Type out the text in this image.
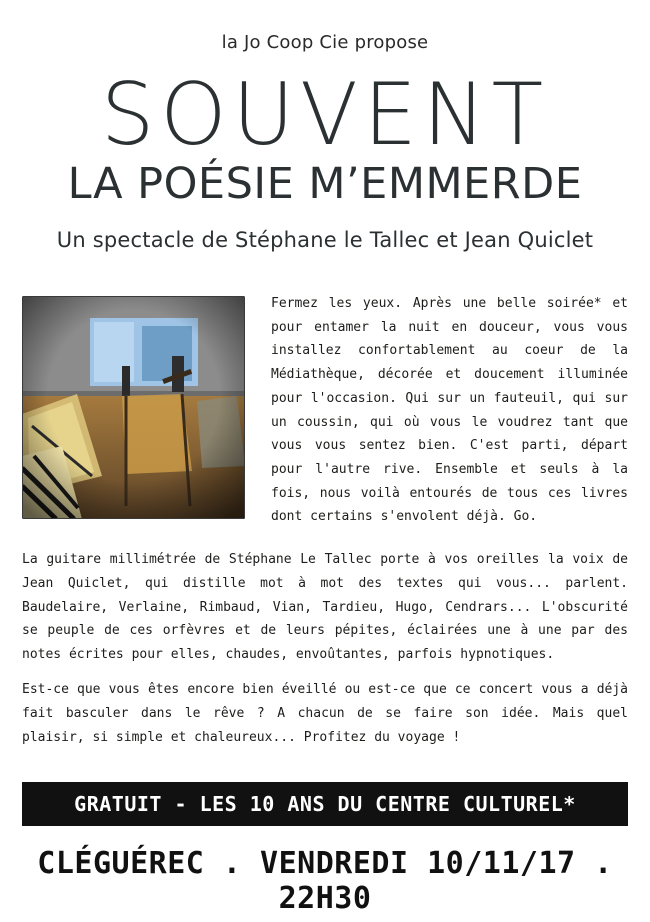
la Jo Coop Cie propose
SOUVENT
LA POÉSIE M’EMMERDE
Un spectacle de Stéphane le Tallec et Jean Quiclet

Fermez les yeux. Après une belle soirée* et pour entamer la nuit en douceur, vous vous installez confortablement au coeur de la Médiathèque, décorée et doucement illuminée pour l'occasion. Qui sur un fauteuil, qui sur un coussin, qui où vous le voudrez tant que vous vous sentez bien. C'est parti, départ pour l'autre rive. Ensemble et seuls à la fois, nous voilà entourés de tous ces livres dont certains s'envolent déjà. Go.

La guitare millimétrée de Stéphane Le Tallec porte à vos oreilles la voix de Jean Quiclet, qui distille mot à mot des textes qui vous... parlent. Baudelaire, Verlaine, Rimbaud, Vian, Tardieu, Hugo, Cendrars... L'obscurité se peuple de ces orfèvres et de leurs pépites, éclairées une à une par des notes écrites pour elles, chaudes, envoûtantes, parfois hypnotiques.

Est-ce que vous êtes encore bien éveillé ou est-ce que ce concert vous a déjà fait basculer dans le rêve ? A chacun de se faire son idée. Mais quel plaisir, si simple et chaleureux... Profitez du voyage !

GRATUIT - LES 10 ANS DU CENTRE CULTUREL*
CLÉGUÉREC . VENDREDI 10/11/17 . 22H30
